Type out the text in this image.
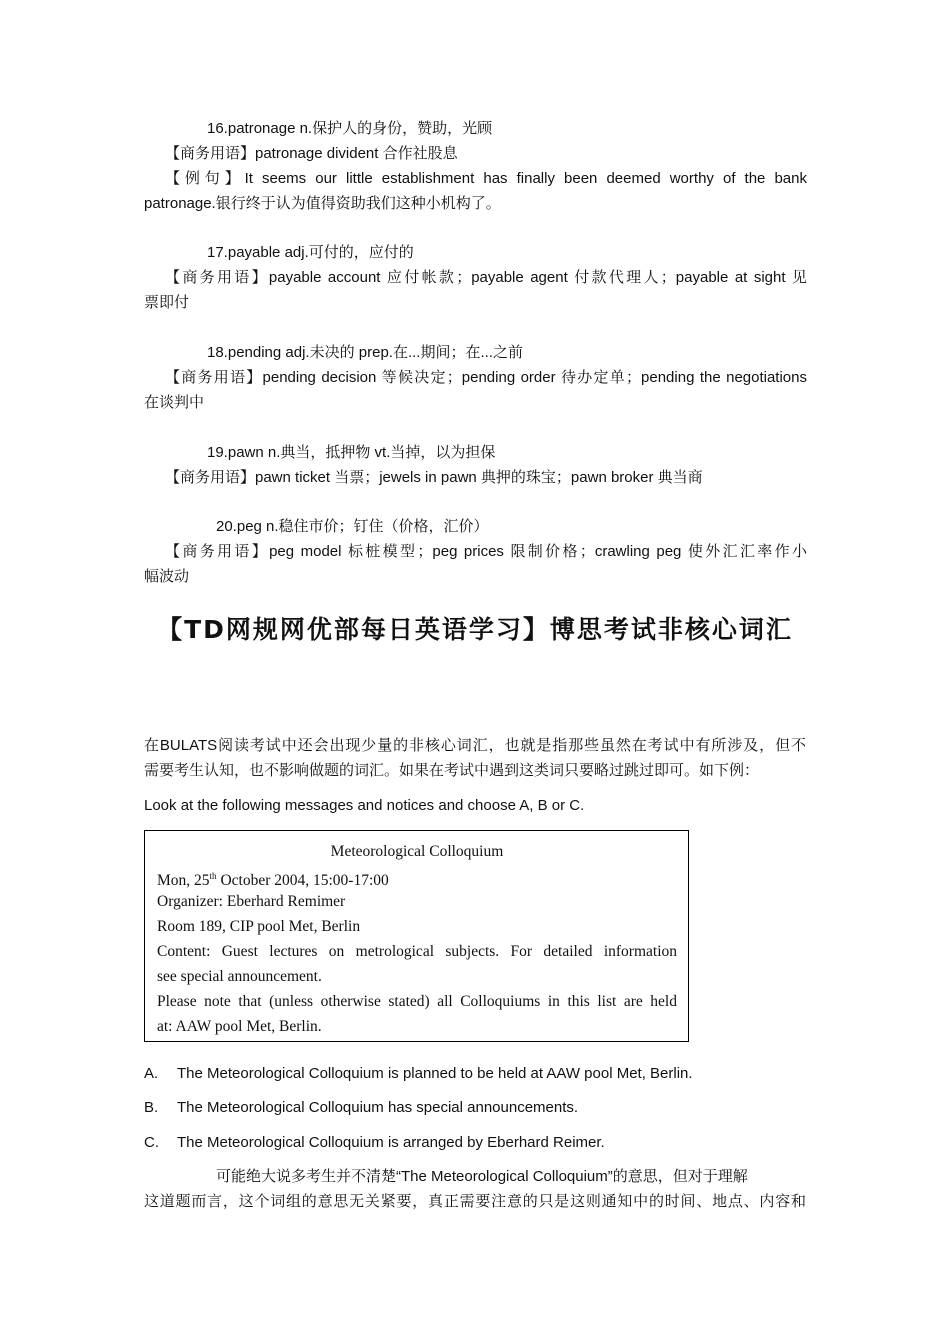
16.patronage n.保护人的身份，赞助，光顾
【商务用语】patronage divident 合作社股息
【例句】It seems our little establishment has finally been deemed worthy of the bank
patronage.银行终于认为值得资助我们这种小机构了。
17.payable adj.可付的，应付的
【商务用语】payable account 应付帐款；payable agent 付款代理人；payable at sight 见
票即付
18.pending adj.未决的 prep.在...期间；在...之前
【商务用语】pending decision 等候决定；pending order 待办定单；pending the negotiations
在谈判中
19.pawn n.典当，抵押物 vt.当掉，以为担保
【商务用语】pawn ticket 当票；jewels in pawn 典押的珠宝；pawn broker 典当商
20.peg n.稳住市价；钉住（价格，汇价）
【商务用语】peg model 标桩模型；peg prices 限制价格；crawling peg 使外汇汇率作小
幅波动
【TD网规网优部每日英语学习】博思考试非核心词汇
在BULATS阅读考试中还会出现少量的非核心词汇，也就是指那些虽然在考试中有所涉及，但不
需要考生认知，也不影响做题的词汇。如果在考试中遇到这类词只要略过跳过即可。如下例：
Look at the following messages and notices and choose A, B or C.
Meteorological Colloquium
Mon, 25th October 2004, 15:00-17:00
Organizer: Eberhard Remimer
Room 189, CIP pool Met, Berlin
Content: Guest lectures on metrological subjects. For detailed information
see special announcement.
Please note that (unless otherwise stated) all Colloquiums in this list are held
at: AAW pool Met, Berlin.
A. The Meteorological Colloquium is planned to be held at AAW pool Met, Berlin.
B. The Meteorological Colloquium has special announcements.
C. The Meteorological Colloquium is arranged by Eberhard Reimer.
可能绝大说多考生并不清楚“The Meteorological Colloquium”的意思，但对于理解
这道题而言，这个词组的意思无关紧要，真正需要注意的只是这则通知中的时间、地点、内容和
